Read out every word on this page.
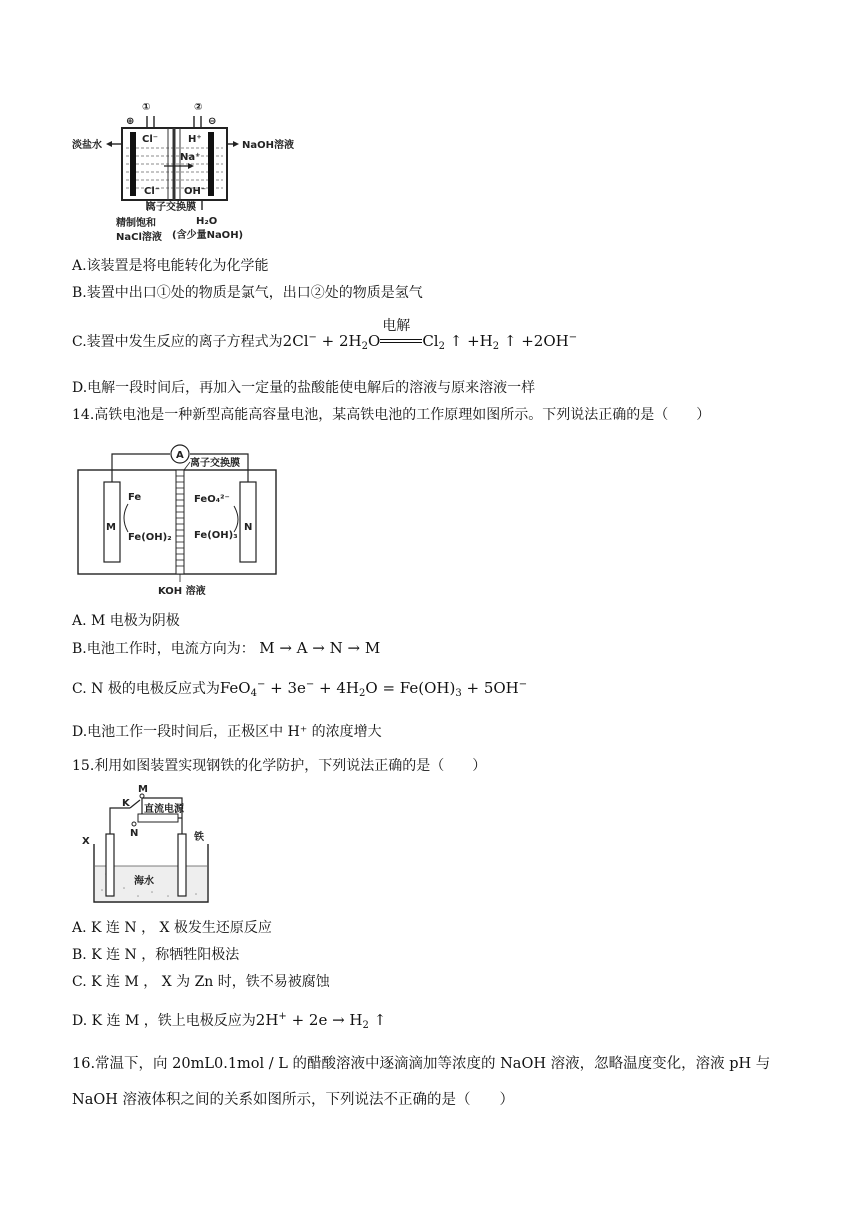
①	②
⊕	⊖
Cl⁻	H⁺
Na⁺
Cl⁻ OH⁻
淡盐水	NaOH溶液
离子交换膜
精制饱和
NaCl溶液
H₂O
(含少量NaOH)
A.该装置是将电能转化为化学能
B.装置中出口①处的物质是氯气，出口②处的物质是氢气
C.装置中发生反应的离子方程式为$2Cl^- + 2H_2O$
电解
$Cl_2$ ↑ $+H_2$ ↑ +2OH−
D.电解一段时间后，再加入一定量的盐酸能使电解后的溶液与原来溶液一样
14.高铁电池是一种新型高能高容量电池，某高铁电池的工作原理如图所示。下列说法正确的是（　　）
A
离子交换膜
M	N
Fe
Fe(OH)₂
FeO₄²⁻
Fe(OH)₃
KOH 溶液
A. M 电极为阴极
B.电池工作时，电流方向为： M → A → N → M
C. N 极的电极反应式为$FeO_4^- + 3e^- + 4H_2O = Fe(OH)_3 + 5OH^-$
D.电池工作一段时间后，正极区中 H⁺ 的浓度增大
15.利用如图装置实现钢铁的化学防护，下列说法正确的是（　　）
M
K
N
直流电源
X	铁
海水
A. K 连 N ， X 极发生还原反应
B. K 连 N ，称牺牲阳极法
C. K 连 M ， X 为 Zn 时，铁不易被腐蚀
D. K 连 M ，铁上电极反应为$2H^+ + 2e \to H_2$ ↑
16.常温下，向 20mL0.1mol / L 的醋酸溶液中逐滴滴加等浓度的 NaOH 溶液，忽略温度变化，溶液 pH 与
NaOH 溶液体积之间的关系如图所示，下列说法不正确的是（　　）
